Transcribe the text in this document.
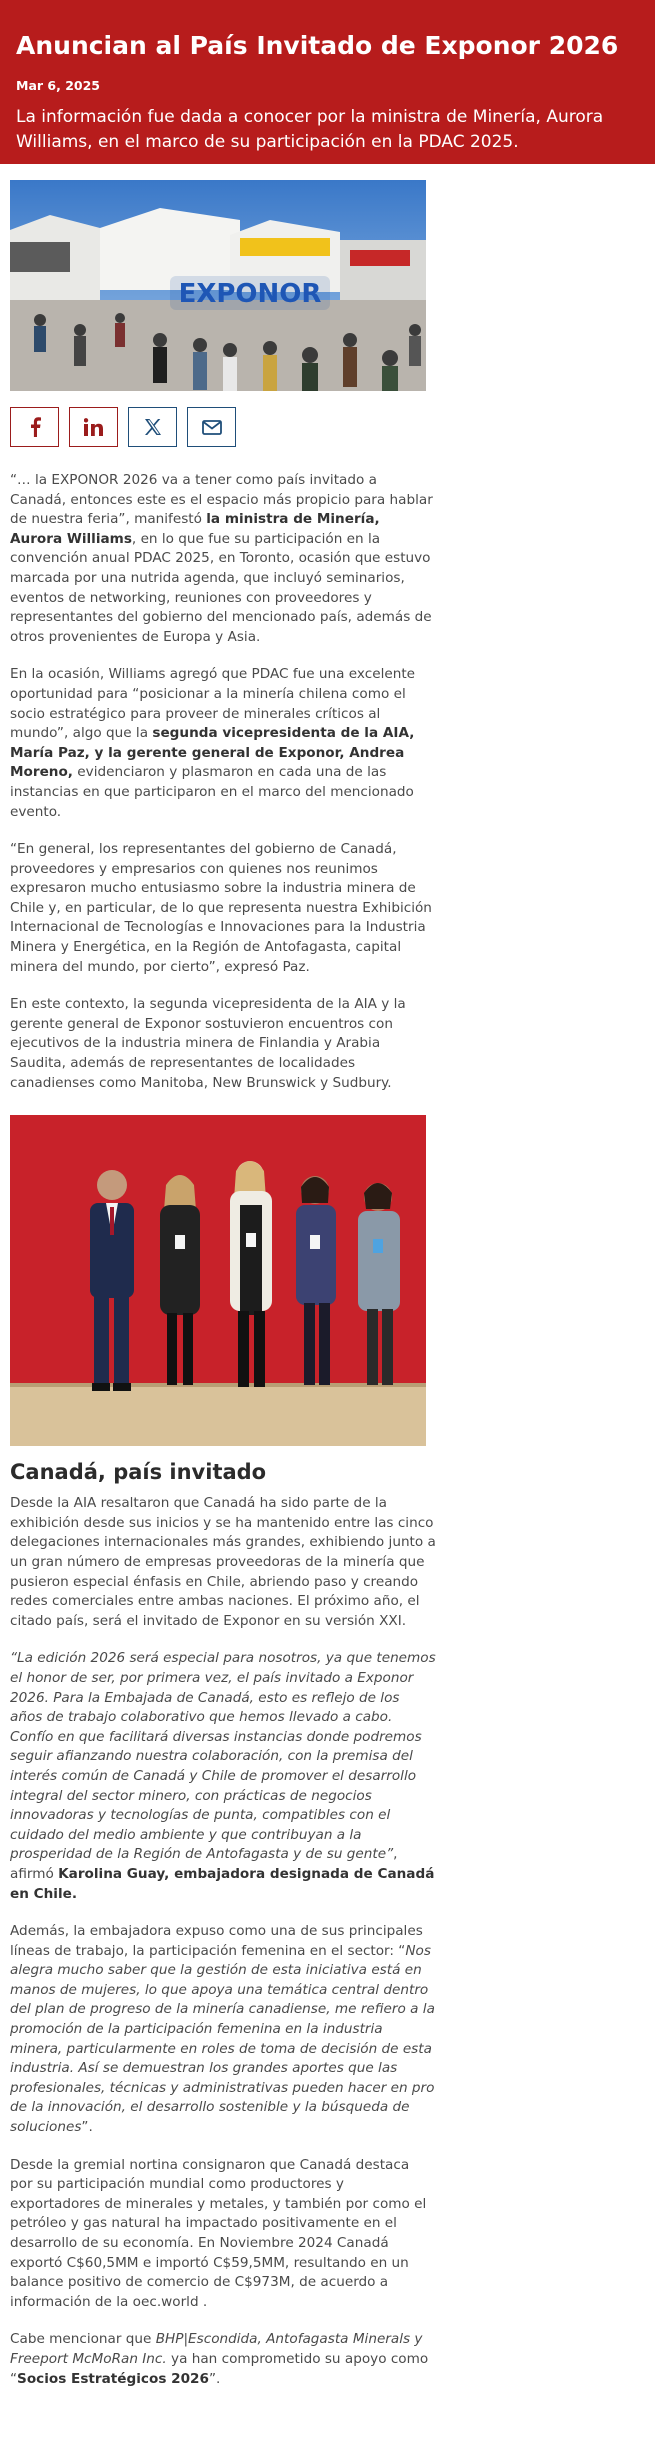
Anuncian al País Invitado de Exponor 2026
Mar 6, 2025

La información fue dada a conocer por la ministra de Minería, Aurora Williams, en el marco de su participación en la PDAC 2025.

EXPONOR

“… la EXPONOR 2026 va a tener como país invitado a Canadá, entonces este es el espacio más propicio para hablar de nuestra feria”, manifestó la ministra de Minería, Aurora Williams, en lo que fue su participación en la convención anual PDAC 2025, en Toronto, ocasión que estuvo marcada por una nutrida agenda, que incluyó seminarios, eventos de networking, reuniones con proveedores y representantes del gobierno del mencionado país, además de otros provenientes de Europa y Asia.

En la ocasión, Williams agregó que PDAC fue una excelente oportunidad para “posicionar a la minería chilena como el socio estratégico para proveer de minerales críticos al mundo”, algo que la segunda vicepresidenta de la AIA, María Paz, y la gerente general de Exponor, Andrea Moreno, evidenciaron y plasmaron en cada una de las instancias en que participaron en el marco del mencionado evento.

“En general, los representantes del gobierno de Canadá, proveedores y empresarios con quienes nos reunimos expresaron mucho entusiasmo sobre la industria minera de Chile y, en particular, de lo que representa nuestra Exhibición Internacional de Tecnologías e Innovaciones para la Industria Minera y Energética, en la Región de Antofagasta, capital minera del mundo, por cierto”, expresó Paz.

En este contexto, la segunda vicepresidenta de la AIA y la gerente general de Exponor sostuvieron encuentros con ejecutivos de la industria minera de Finlandia y Arabia Saudita, además de representantes de localidades canadienses como Manitoba, New Brunswick y Sudbury.

Canadá, país invitado

Desde la AIA resaltaron que Canadá ha sido parte de la exhibición desde sus inicios y se ha mantenido entre las cinco delegaciones internacionales más grandes, exhibiendo junto a un gran número de empresas proveedoras de la minería que pusieron especial énfasis en Chile, abriendo paso y creando redes comerciales entre ambas naciones. El próximo año, el citado país, será el invitado de Exponor en su versión XXI.

“La edición 2026 será especial para nosotros, ya que tenemos el honor de ser, por primera vez, el país invitado a Exponor 2026. Para la Embajada de Canadá, esto es reflejo de los años de trabajo colaborativo que hemos llevado a cabo. Confío en que facilitará diversas instancias donde podremos seguir afianzando nuestra colaboración, con la premisa del interés común de Canadá y Chile de promover el desarrollo integral del sector minero, con prácticas de negocios innovadoras y tecnologías de punta, compatibles con el cuidado del medio ambiente y que contribuyan a la prosperidad de la Región de Antofagasta y de su gente”, afirmó Karolina Guay, embajadora designada de Canadá en Chile.

Además, la embajadora expuso como una de sus principales líneas de trabajo, la participación femenina en el sector: “Nos alegra mucho saber que la gestión de esta iniciativa está en manos de mujeres, lo que apoya una temática central dentro del plan de progreso de la minería canadiense, me refiero a la promoción de la participación femenina en la industria minera, particularmente en roles de toma de decisión de esta industria. Así se demuestran los grandes aportes que las profesionales, técnicas y administrativas pueden hacer en pro de la innovación, el desarrollo sostenible y la búsqueda de soluciones”.

Desde la gremial nortina consignaron que Canadá destaca por su participación mundial como productores y exportadores de minerales y metales, y también por como el petróleo y gas natural ha impactado positivamente en el desarrollo de su economía. En Noviembre 2024 Canadá exportó C$60,5MM e importó C$59,5MM, resultando en un balance positivo de comercio de C$973M, de acuerdo a información de la oec.world .

Cabe mencionar que BHP|Escondida, Antofagasta Minerals y Freeport McMoRan Inc. ya han comprometido su apoyo como “Socios Estratégicos 2026”.
